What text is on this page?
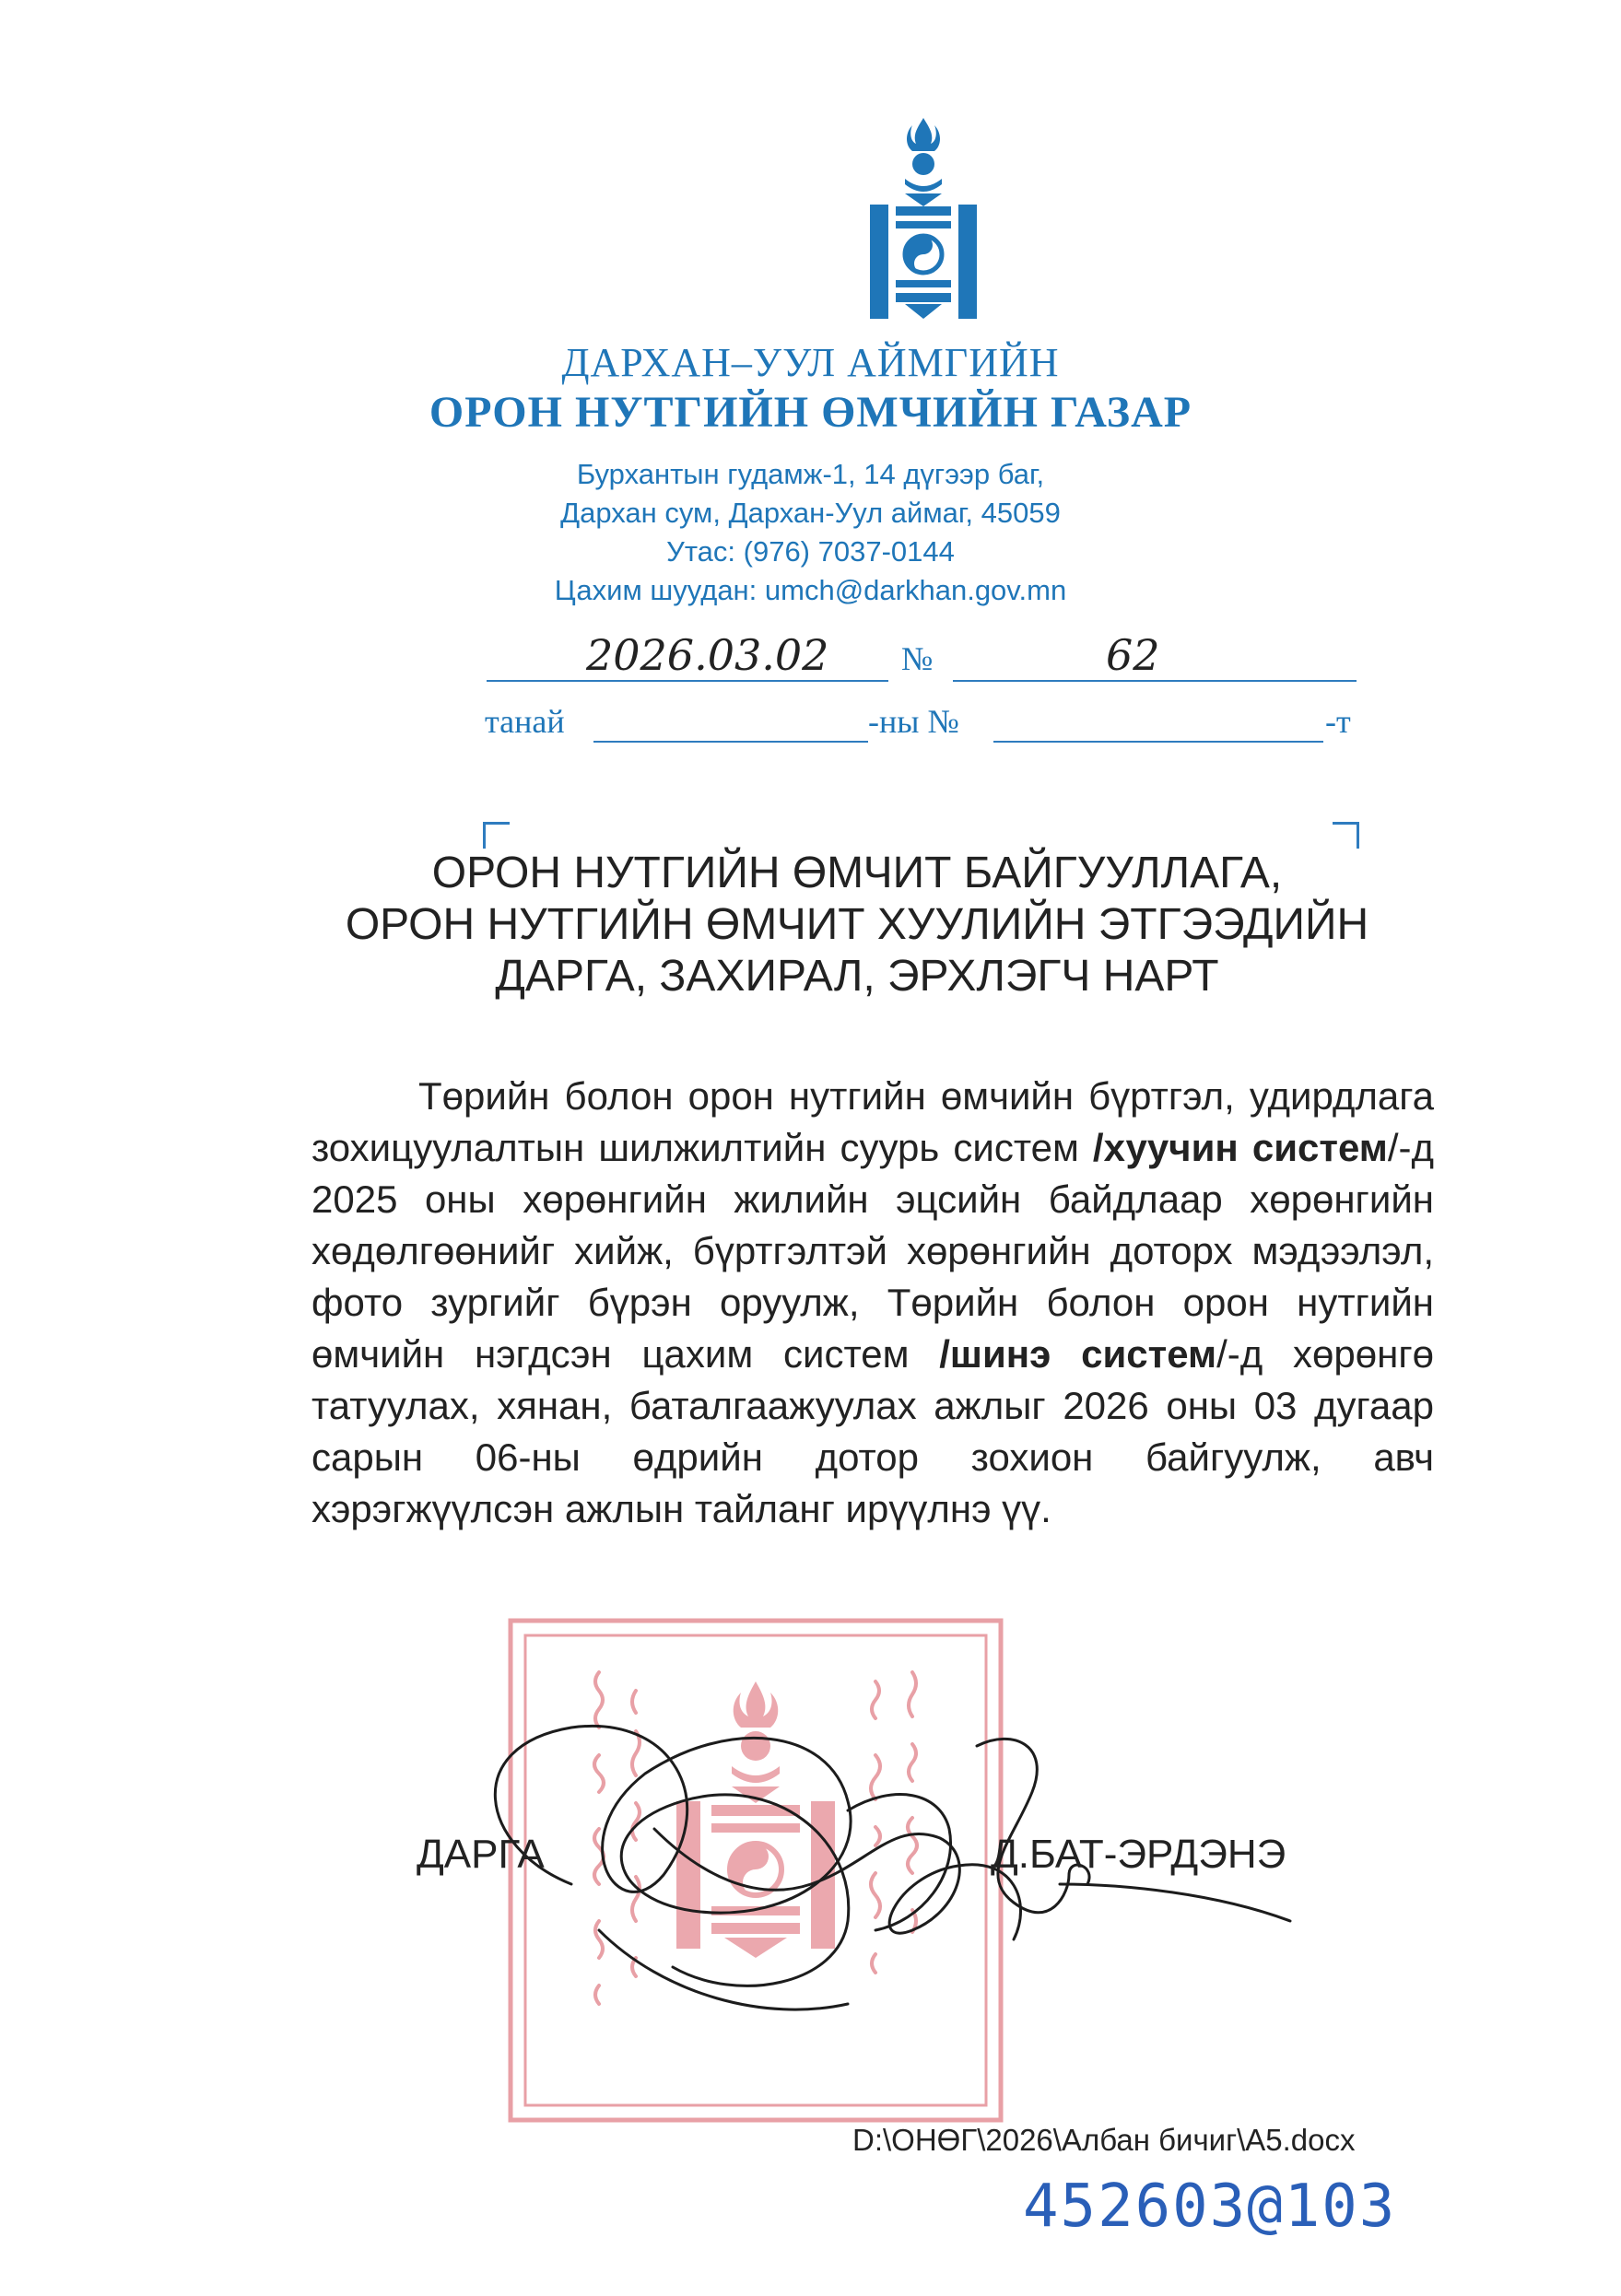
ДАРХАН–УУЛ АЙМГИЙН
ОРОН НУТГИЙН ӨМЧИЙН ГАЗАР
Бурхантын гудамж-1, 14 дүгээр баг,
Дархан сум, Дархан-Уул аймаг, 45059
Утас: (976) 7037-0144
Цахим шуудан: umch@darkhan.gov.mn
2026.03.02 №	62
танай	-ны №	-т
ОРОН НУТГИЙН ӨМЧИТ БАЙГУУЛЛАГА,
ОРОН НУТГИЙН ӨМЧИТ ХУУЛИЙН ЭТГЭЭДИЙН
ДАРГА, ЗАХИРАЛ, ЭРХЛЭГЧ НАРТ

Төрийн болон орон нутгийн өмчийн бүртгэл, удирдлага зохицуулалтын шилжилтийн суурь систем /хуучин систем/-д 2025 оны хөрөнгийн жилийн эцсийн байдлаар хөрөнгийн хөдөлгөөнийг хийж, бүртгэлтэй хөрөнгийн доторх мэдээлэл, фото зургийг бүрэн оруулж, Төрийн болон орон нутгийн өмчийн нэгдсэн цахим систем /шинэ систем/-д хөрөнгө татуулах, хянан, баталгаажуулах ажлыг 2026 оны 03 дугаар сарын 06-ны өдрийн дотор зохион байгуулж, авч хэрэгжүүлсэн ажлын тайланг ирүүлнэ үү.

ДАРГА	Д.БАТ-ЭРДЭНЭ
D:\ОНӨГ\2026\Албан бичиг\А5.docx
452603@103
